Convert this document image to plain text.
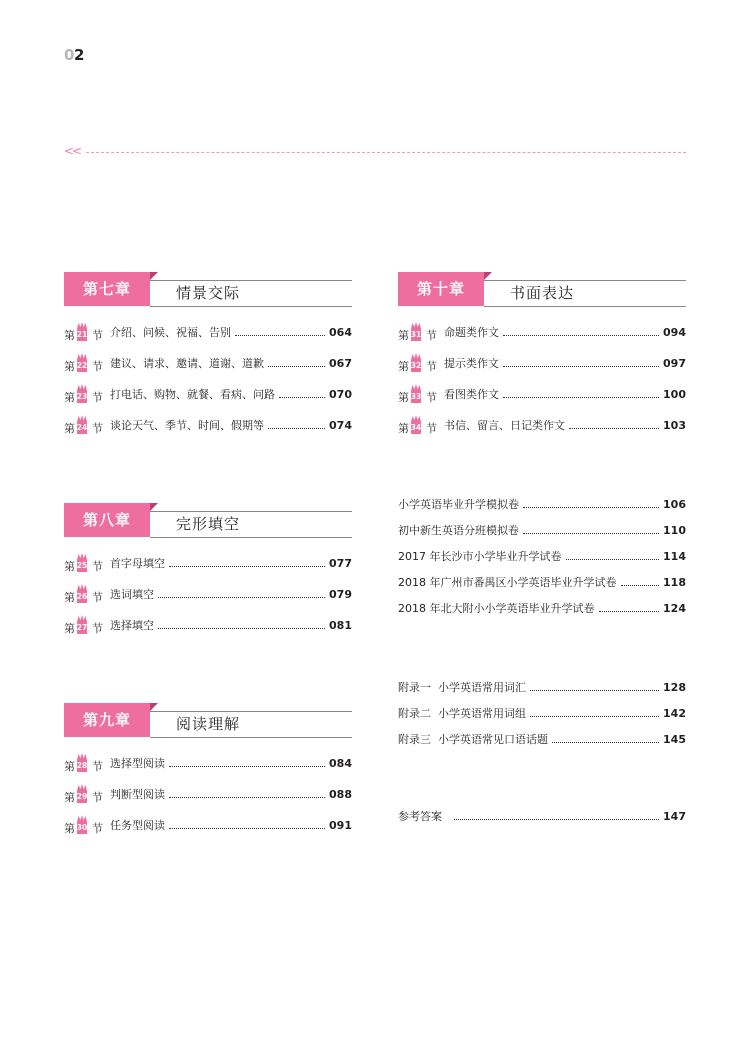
02
<<
第七章	情景交际
第 21 节 介绍、问候、祝福、告别	064
第 22 节 建议、请求、邀请、道谢、道歉	067
第 23 节 打电话、购物、就餐、看病、问路	070
第 24 节 谈论天气、季节、时间、假期等	074
第八章	完形填空
第 25 节 首字母填空	077
第 26 节 选词填空	079
第 27 节 选择填空	081
第九章	阅读理解
第 28 节 选择型阅读	084
第 29 节 判断型阅读	088
第 30 节 任务型阅读	091
第十章	书面表达
第 31 节 命题类作文	094
第 32 节 提示类作文	097
第 33 节 看图类作文	100
第 34 节 书信、留言、日记类作文	103
小学英语毕业升学模拟卷	106
初中新生英语分班模拟卷	110
2017 年长沙市小学毕业升学试卷	114
2018 年广州市番禺区小学英语毕业升学试卷	118
2018 年北大附小小学英语毕业升学试卷	124
附录一  小学英语常用词汇	128
附录二  小学英语常用词组	142
附录三  小学英语常见口语话题	145
参考答案	147
